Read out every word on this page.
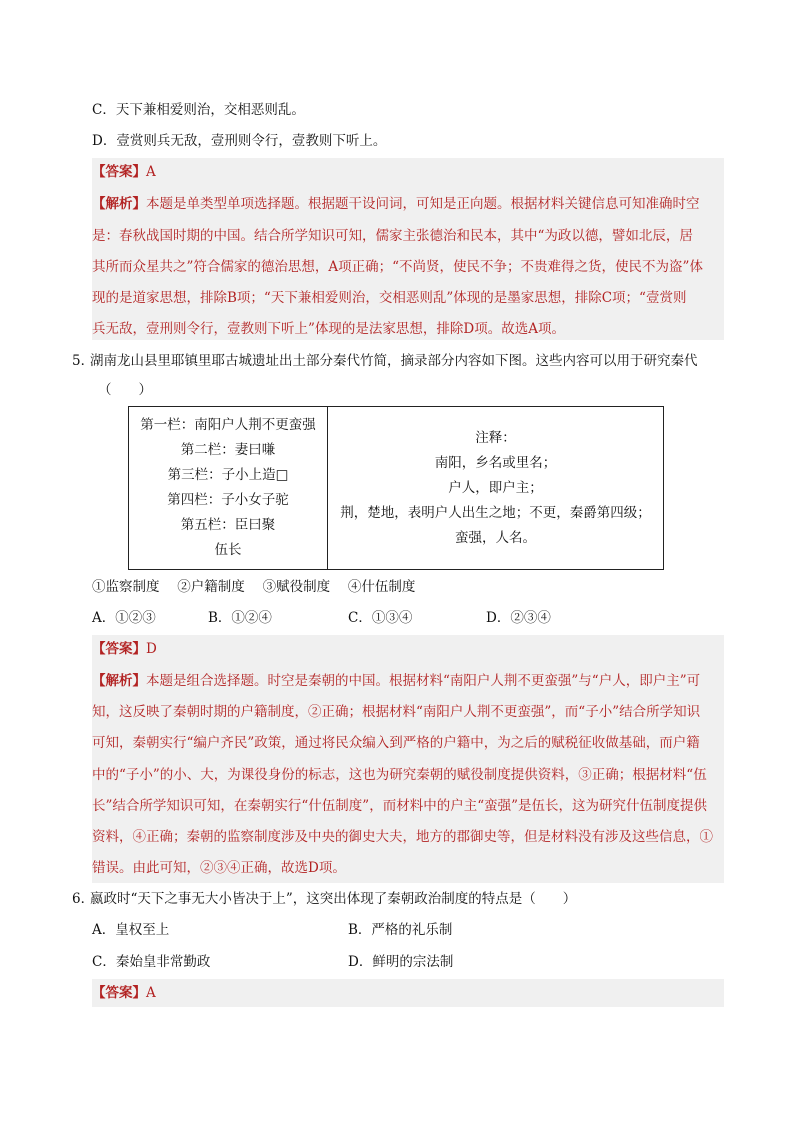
C．天下兼相爱则治，交相恶则乱。
D．壹赏则兵无敌，壹刑则令行，壹教则下听上。
【答案】A
【解析】本题是单类型单项选择题。根据题干设问词，可知是正向题。根据材料关键信息可知准确时空
是：春秋战国时期的中国。结合所学知识可知，儒家主张德治和民本，其中“为政以德，譬如北辰，居
其所而众星共之”符合儒家的德治思想，A项正确；“不尚贤，使民不争；不贵难得之货，使民不为盗”体
现的是道家思想，排除B项；“天下兼相爱则治，交相恶则乱”体现的是墨家思想，排除C项；“壹赏则
兵无敌，壹刑则令行，壹教则下听上”体现的是法家思想，排除D项。故选A项。
5．
湖南龙山县里耶镇里耶古城遗址出土部分秦代竹简，摘录部分内容如下图。这些内容可以用于研究秦代
（　　）
第一栏：南阳户人荆不更蛮强
第二栏：妻曰嗛
第三栏：子小上造□
第四栏：子小女子驼
第五栏：臣曰聚
伍长
注释：
南阳，乡名或里名；
户人，即户主；
荆，楚地，表明户人出生之地；不更，秦爵第四级；
蛮强，人名。
①监察制度　 ②户籍制度　 ③赋役制度　 ④什伍制度
A．①②③	B．①②④	C．①③④	D．②③④
【答案】D
【解析】本题是组合选择题。时空是秦朝的中国。根据材料“南阳户人荆不更蛮强”与“户人，即户主”可
知，这反映了秦朝时期的户籍制度，②正确；根据材料“南阳户人荆不更蛮强”，而“子小”结合所学知识
可知，秦朝实行“编户齐民”政策，通过将民众编入到严格的户籍中，为之后的赋税征收做基础，而户籍
中的“子小”的小、大，为课役身份的标志，这也为研究秦朝的赋役制度提供资料，③正确；根据材料“伍
长”结合所学知识可知，在秦朝实行“什伍制度”，而材料中的户主“蛮强”是伍长，这为研究什伍制度提供
资料，④正确；秦朝的监察制度涉及中央的御史大夫，地方的郡御史等，但是材料没有涉及这些信息，①
错误。由此可知，②③④正确，故选D项。
6．
嬴政时“天下之事无大小皆决于上”，这突出体现了秦朝政治制度的特点是（　　）
A．皇权至上	B．严格的礼乐制
C．秦始皇非常勤政	D．鲜明的宗法制
【答案】A
